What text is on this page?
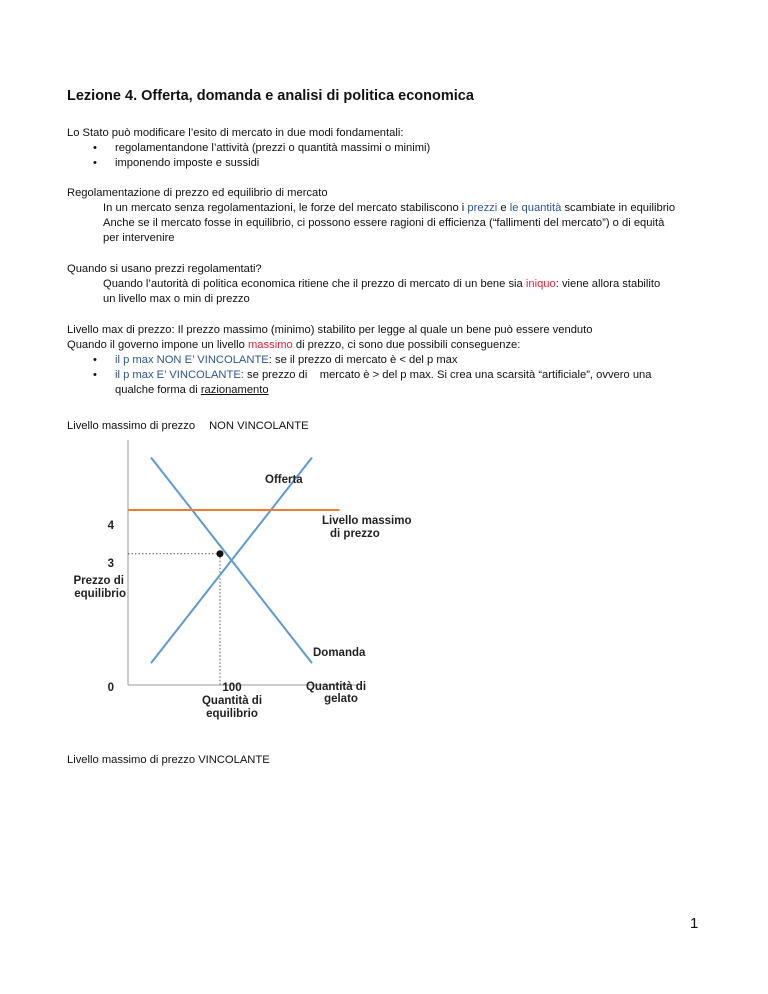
Lezione 4. Offerta, domanda e analisi di politica economica
Lo Stato può modificare l’esito di mercato in due modi fondamentali:
• regolamentandone l’attività (prezzi o quantità massimi o minimi)
• imponendo imposte e sussidi
Regolamentazione di prezzo ed equilibrio di mercato
In un mercato senza regolamentazioni, le forze del mercato stabiliscono i prezzi e le quantità scambiate in equilibrio
Anche se il mercato fosse in equilibrio, ci possono essere ragioni di efficienza (“fallimenti del mercato”) o di equità
per intervenire
Quando si usano prezzi regolamentati?
Quando l’autorità di politica economica ritiene che il prezzo di mercato di un bene sia iniquo: viene allora stabilito
un livello max o min di prezzo
Livello max di prezzo: Il prezzo massimo (minimo) stabilito per legge al quale un bene può essere venduto
Quando il governo impone un livello massimo di prezzo, ci sono due possibili conseguenze:
• il p max NON E’ VINCOLANTE: se il prezzo di mercato è < del p max
• il p max E’ VINCOLANTE: se prezzo di    mercato è > del p max. Si crea una scarsità “artificiale”, ovvero una
qualche forma di razionamento
Livello massimo di prezzo NON VINCOLANTE
4
3
0	100
Offerta
Domanda
Livello massimo
di prezzo
Prezzo di
equilibrio
Quantità di
equilibrio
Quantità di
gelato
Livello massimo di prezzo VINCOLANTE
1
